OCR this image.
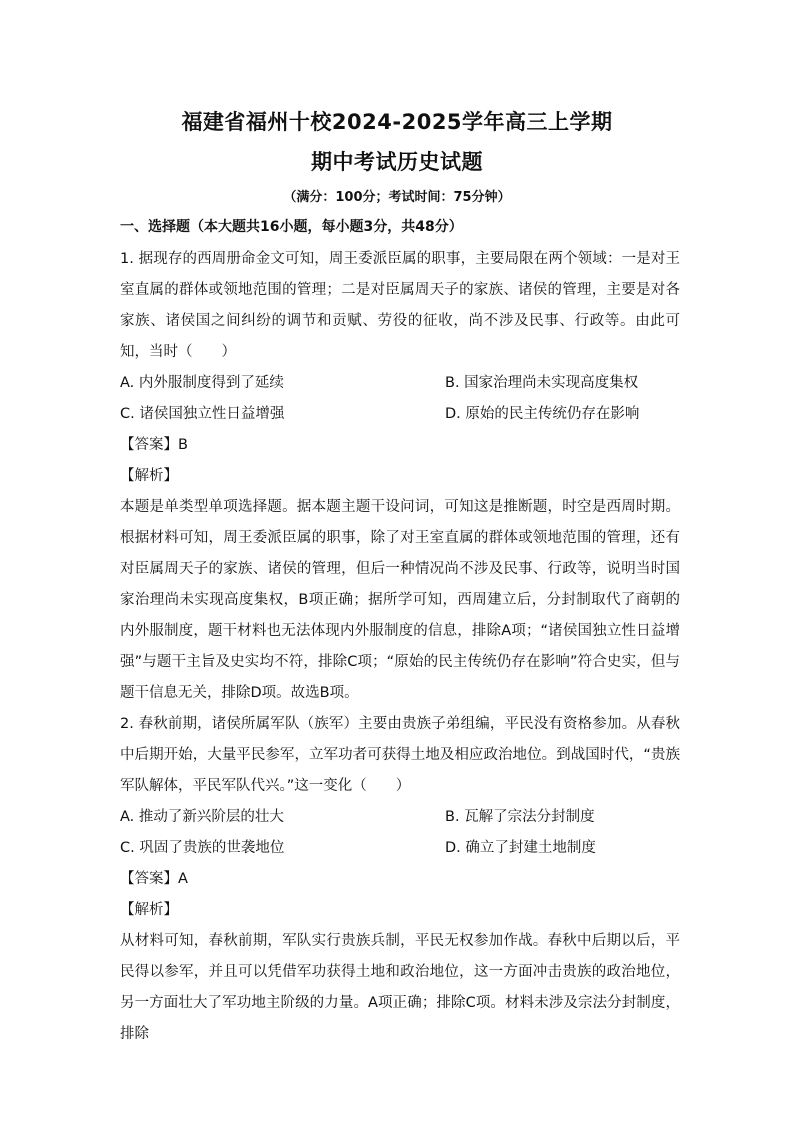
福建省福州十校2024-2025学年高三上学期
期中考试历史试题
（满分：100分；考试时间：75分钟）
一、选择题（本大题共16小题，每小题3分，共48分）

1. 据现存的西周册命金文可知，周王委派臣属的职事，主要局限在两个领域：一是对王室直属的群体或领地范围的管理；二是对臣属周天子的家族、诸侯的管理，主要是对各家族、诸侯国之间纠纷的调节和贡赋、劳役的征收，尚不涉及民事、行政等。由此可知，当时（　　）

A. 内外服制度得到了延续	B. 国家治理尚未实现高度集权
C. 诸侯国独立性日益增强	D. 原始的民主传统仍存在影响
【答案】B
【解析】

本题是单类型单项选择题。据本题主题干设问词，可知这是推断题，时空是西周时期。根据材料可知，周王委派臣属的职事，除了对王室直属的群体或领地范围的管理，还有对臣属周天子的家族、诸侯的管理，但后一种情况尚不涉及民事、行政等，说明当时国家治理尚未实现高度集权，B项正确；据所学可知，西周建立后，分封制取代了商朝的内外服制度，题干材料也无法体现内外服制度的信息，排除A项；“诸侯国独立性日益增强”与题干主旨及史实均不符，排除C项；“原始的民主传统仍存在影响”符合史实，但与题干信息无关，排除D项。故选B项。

2. 春秋前期，诸侯所属军队（族军）主要由贵族子弟组编，平民没有资格参加。从春秋中后期开始，大量平民参军，立军功者可获得土地及相应政治地位。到战国时代，“贵族军队解体，平民军队代兴。”这一变化（　　）

A. 推动了新兴阶层的壮大	B. 瓦解了宗法分封制度
C. 巩固了贵族的世袭地位	D. 确立了封建土地制度
【答案】A
【解析】

从材料可知，春秋前期，军队实行贵族兵制，平民无权参加作战。春秋中后期以后，平民得以参军，并且可以凭借军功获得土地和政治地位，这一方面冲击贵族的政治地位，另一方面壮大了军功地主阶级的力量。A项正确；排除C项。材料未涉及宗法分封制度，排除
